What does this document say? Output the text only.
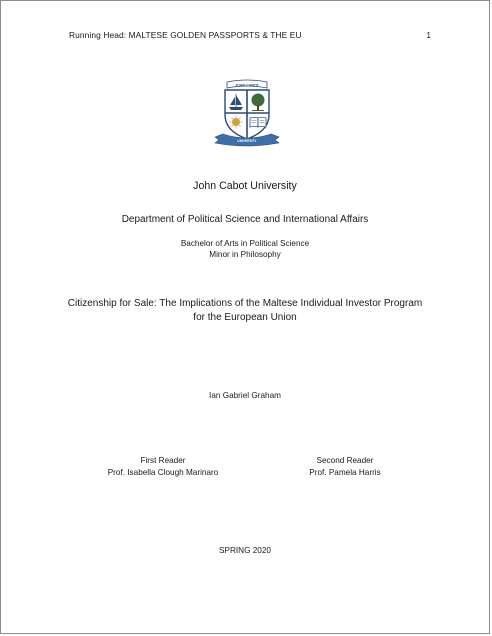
Running Head: MALTESE GOLDEN PASSPORTS & THE EU	1
JOHN CABOT
UNIVERSITY
John Cabot University
Department of Political Science and International Affairs
Bachelor of Arts in Political Science
Minor in Philosophy
Citizenship for Sale: The Implications of the Maltese Individual Investor Program
for the European Union
Ian Gabriel Graham
First Reader
Prof. Isabella Clough Marinaro
Second Reader
Prof. Pamela Harris
SPRING 2020
